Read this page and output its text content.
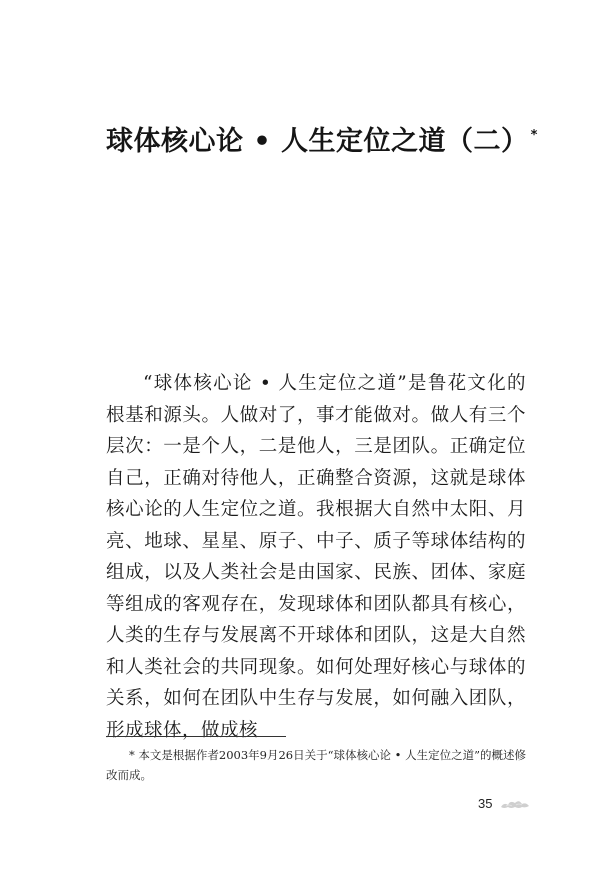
球体核心论 • 人生定位之道（二） *

“球体核心论 • 人生定位之道”是鲁花文化的根基和源头。人做对了，事才能做对。做人有三个层次：一是个人，二是他人，三是团队。正确定位自己，正确对待他人，正确整合资源，这就是球体核心论的人生定位之道。我根据大自然中太阳、月亮、地球、星星、原子、中子、质子等球体结构的组成，以及人类社会是由国家、民族、团体、家庭等组成的客观存在，发现球体和团队都具有核心，人类的生存与发展离不开球体和团队，这是大自然和人类社会的共同现象。如何处理好核心与球体的关系，如何在团队中生存与发展，如何融入团队，形成球体，做成核

* 本文是根据作者2003年9月26日关于“球体核心论 • 人生定位之道”的概述修改而成。

35
